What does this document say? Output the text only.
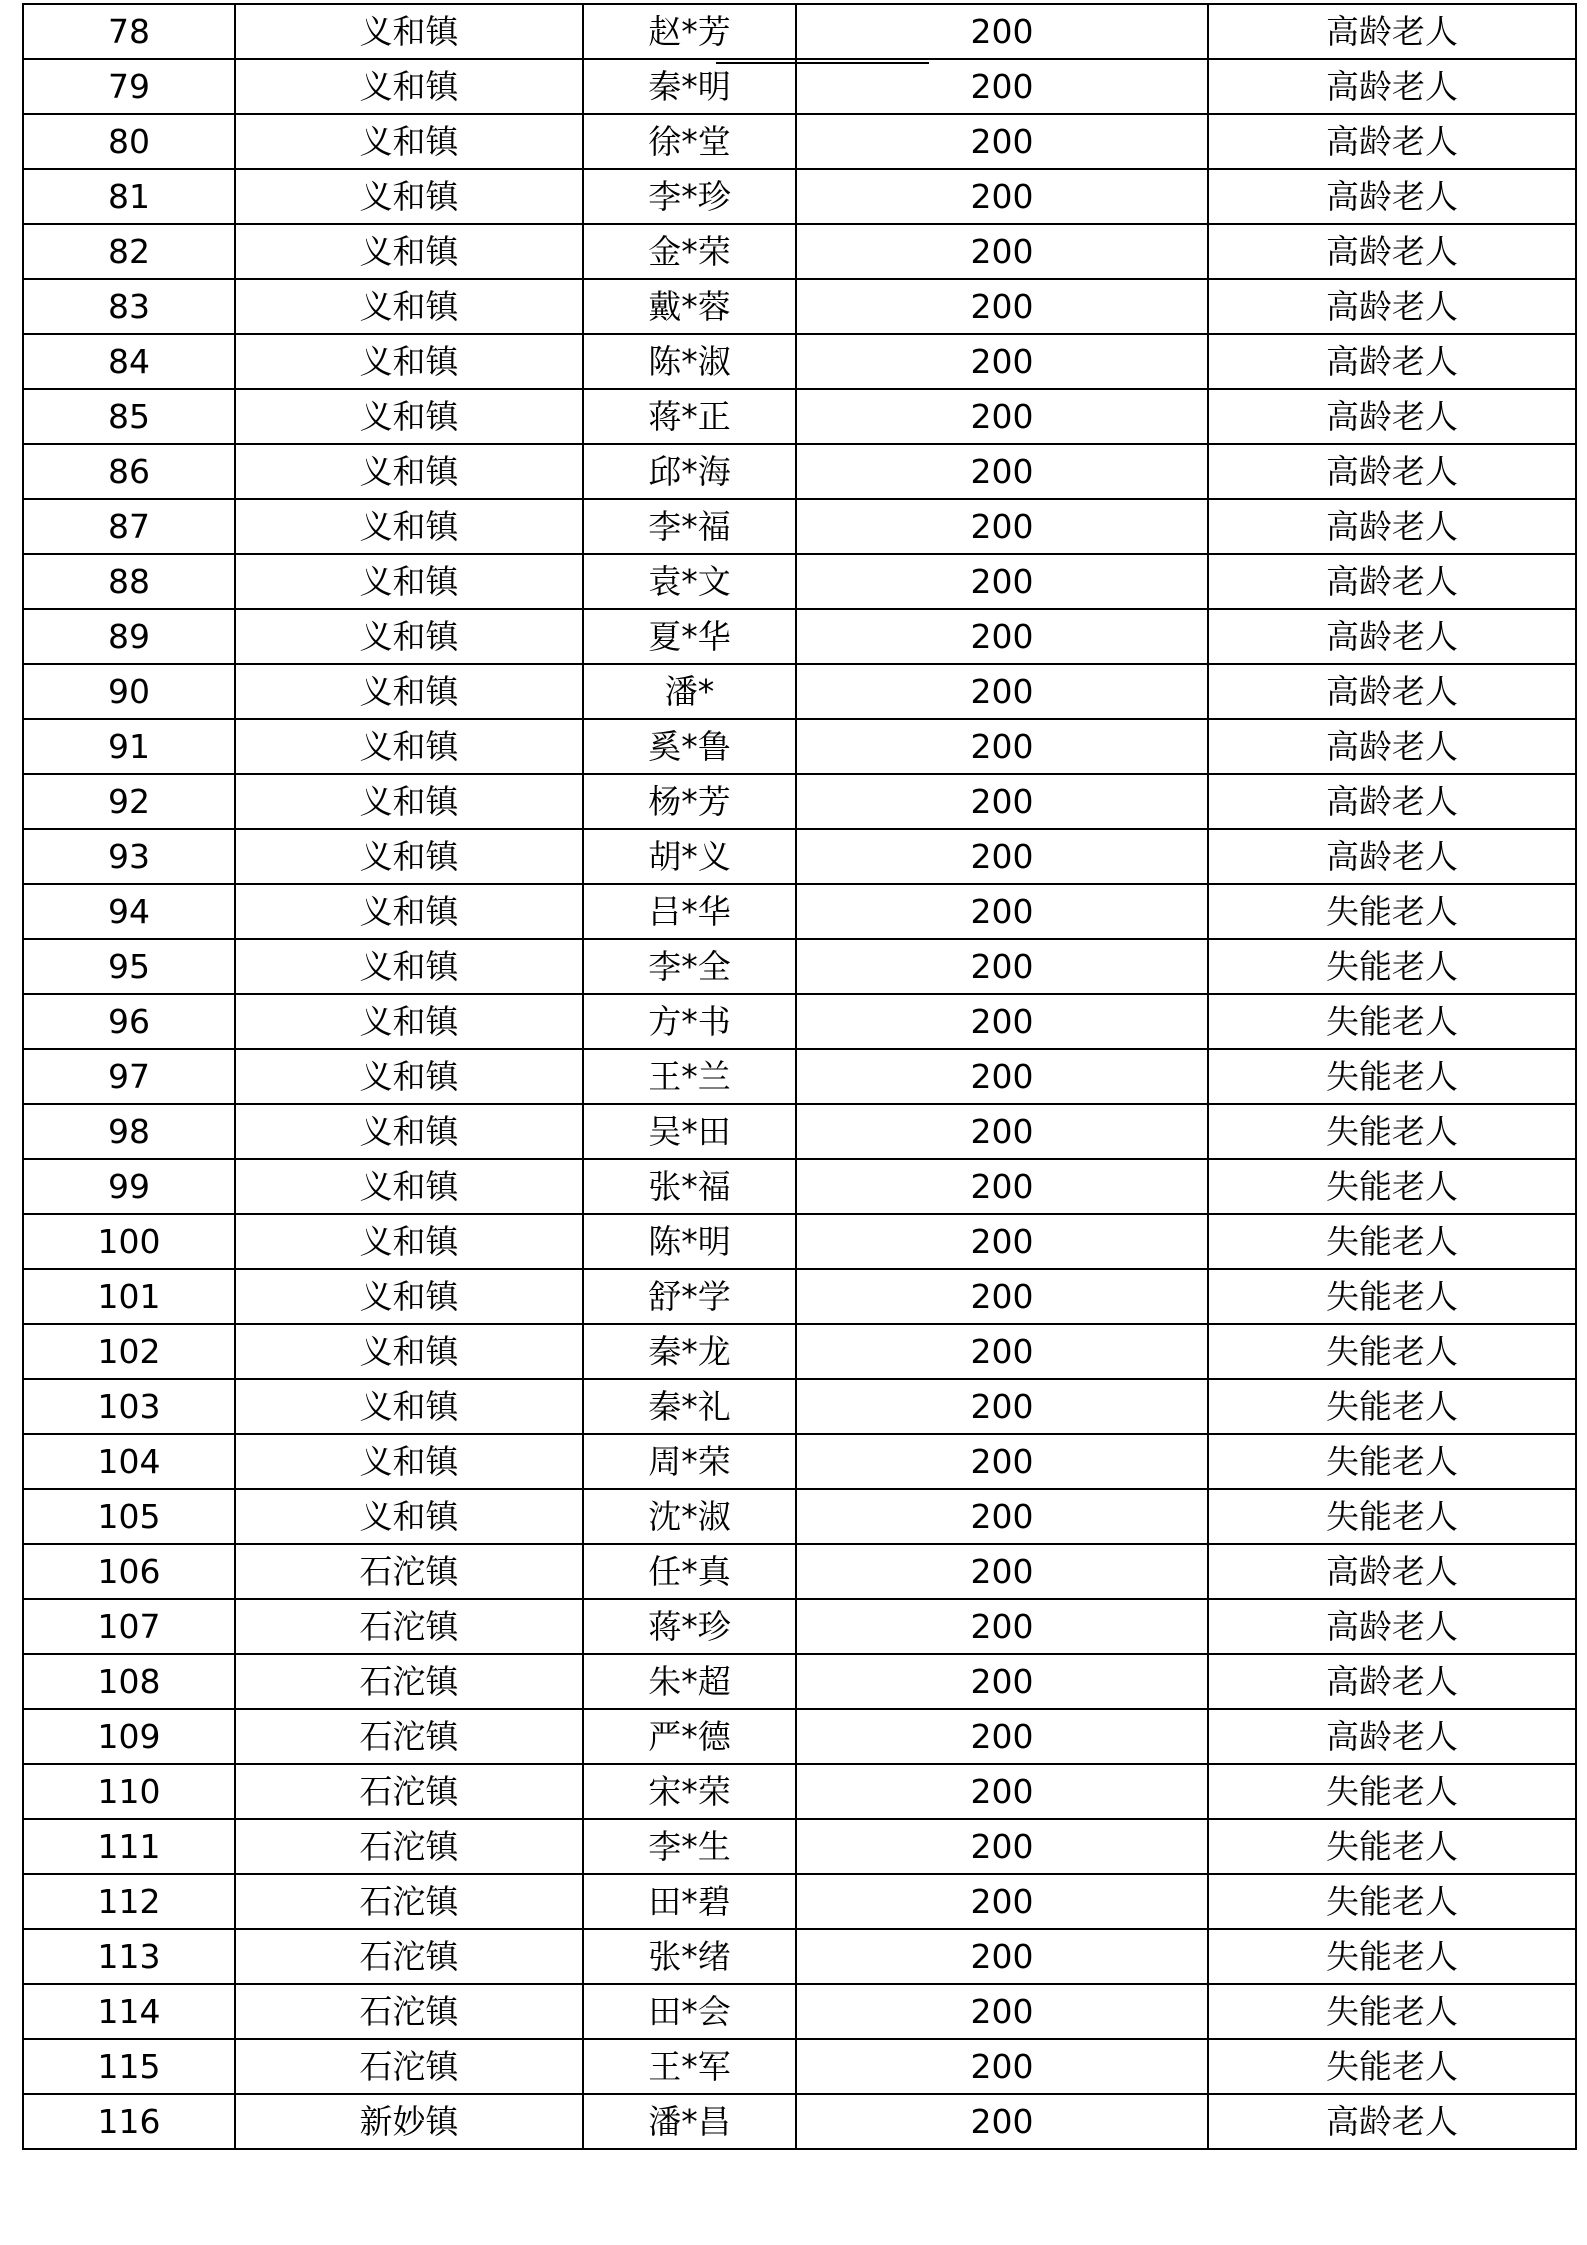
78	义和镇	赵*芳	200	高龄老人
79	义和镇	秦*明	200	高龄老人
80	义和镇	徐*堂	200	高龄老人
81	义和镇	李*珍	200	高龄老人
82	义和镇	金*荣	200	高龄老人
83	义和镇	戴*蓉	200	高龄老人
84	义和镇	陈*淑	200	高龄老人
85	义和镇	蒋*正	200	高龄老人
86	义和镇	邱*海	200	高龄老人
87	义和镇	李*福	200	高龄老人
88	义和镇	袁*文	200	高龄老人
89	义和镇	夏*华	200	高龄老人
90	义和镇	潘*	200	高龄老人
91	义和镇	奚*鲁	200	高龄老人
92	义和镇	杨*芳	200	高龄老人
93	义和镇	胡*义	200	高龄老人
94	义和镇	吕*华	200	失能老人
95	义和镇	李*全	200	失能老人
96	义和镇	方*书	200	失能老人
97	义和镇	王*兰	200	失能老人
98	义和镇	吴*田	200	失能老人
99	义和镇	张*福	200	失能老人
100	义和镇	陈*明	200	失能老人
101	义和镇	舒*学	200	失能老人
102	义和镇	秦*龙	200	失能老人
103	义和镇	秦*礼	200	失能老人
104	义和镇	周*荣	200	失能老人
105	义和镇	沈*淑	200	失能老人
106	石沱镇	任*真	200	高龄老人
107	石沱镇	蒋*珍	200	高龄老人
108	石沱镇	朱*超	200	高龄老人
109	石沱镇	严*德	200	高龄老人
110	石沱镇	宋*荣	200	失能老人
111	石沱镇	李*生	200	失能老人
112	石沱镇	田*碧	200	失能老人
113	石沱镇	张*绪	200	失能老人
114	石沱镇	田*会	200	失能老人
115	石沱镇	王*军	200	失能老人
116	新妙镇	潘*昌	200	高龄老人
